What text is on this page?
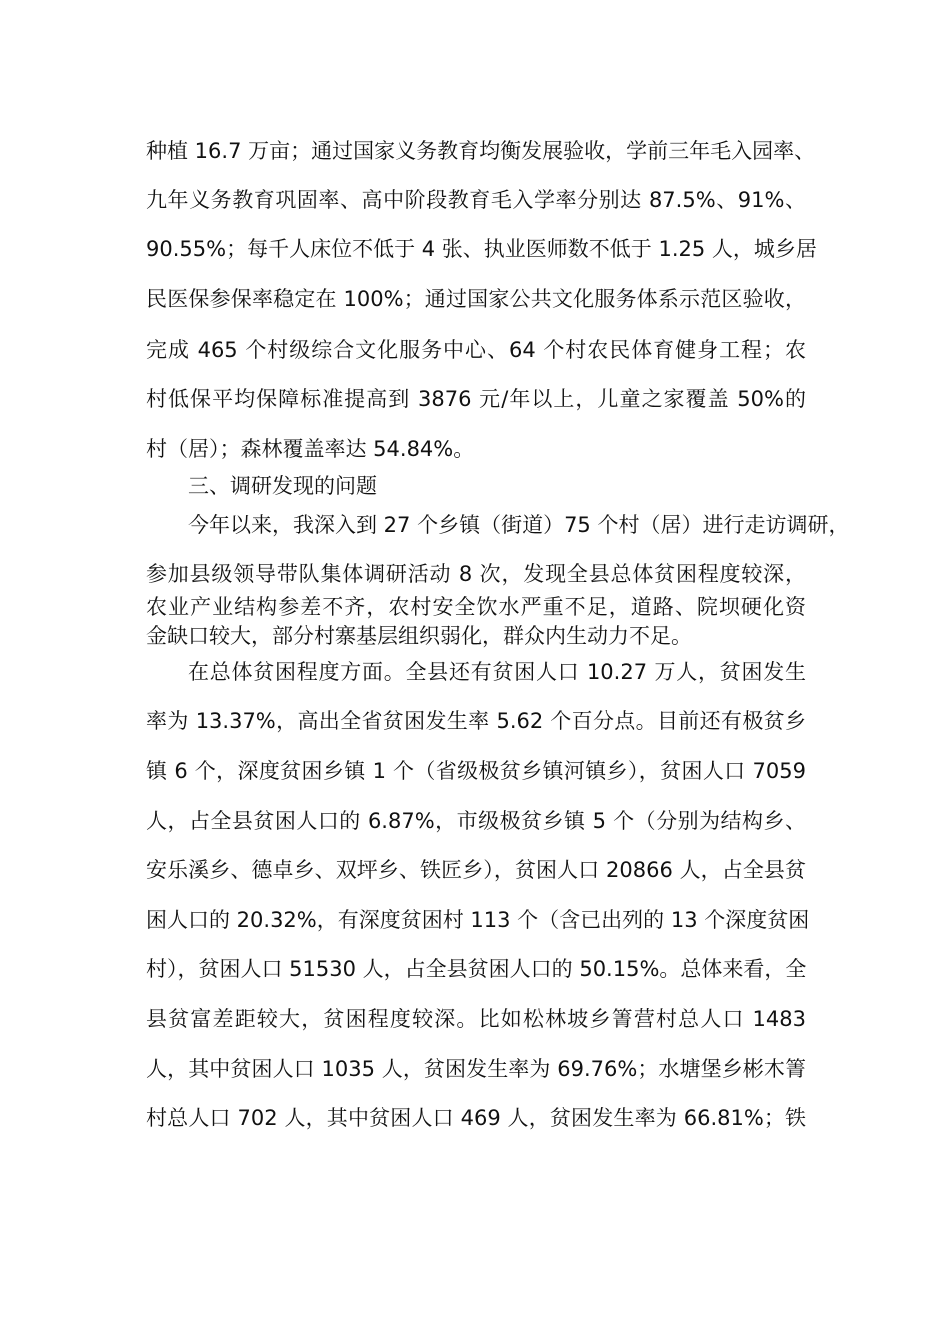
种植 16.7 万亩；通过国家义务教育均衡发展验收，学前三年毛入园率、
九年义务教育巩固率、高中阶段教育毛入学率分别达 87.5%、91%、
90.55%；每千人床位不低于 4 张、执业医师数不低于 1.25 人，城乡居
民医保参保率稳定在 100%；通过国家公共文化服务体系示范区验收，
完成 465 个村级综合文化服务中心、64 个村农民体育健身工程；农
村低保平均保障标准提高到 3876 元/年以上，儿童之家覆盖 50%的
村（居）；森林覆盖率达 54.84%。
三、调研发现的问题
今年以来，我深入到 27 个乡镇（街道）75 个村（居）进行走访调研，
参加县级领导带队集体调研活动 8 次，发现全县总体贫困程度较深，
农业产业结构参差不齐，农村安全饮水严重不足，道路、院坝硬化资
金缺口较大，部分村寨基层组织弱化，群众内生动力不足。
在总体贫困程度方面。全县还有贫困人口 10.27 万人，贫困发生
率为 13.37%，高出全省贫困发生率 5.62 个百分点。目前还有极贫乡
镇 6 个，深度贫困乡镇 1 个（省级极贫乡镇河镇乡），贫困人口 7059
人，占全县贫困人口的 6.87%，市级极贫乡镇 5 个（分别为结构乡、
安乐溪乡、德卓乡、双坪乡、铁匠乡），贫困人口 20866 人，占全县贫
困人口的 20.32%，有深度贫困村 113 个（含已出列的 13 个深度贫困
村），贫困人口 51530 人，占全县贫困人口的 50.15%。总体来看，全
县贫富差距较大，贫困程度较深。比如松林坡乡箐营村总人口 1483
人，其中贫困人口 1035 人，贫困发生率为 69.76%；水塘堡乡彬木箐
村总人口 702 人，其中贫困人口 469 人，贫困发生率为 66.81%；铁
